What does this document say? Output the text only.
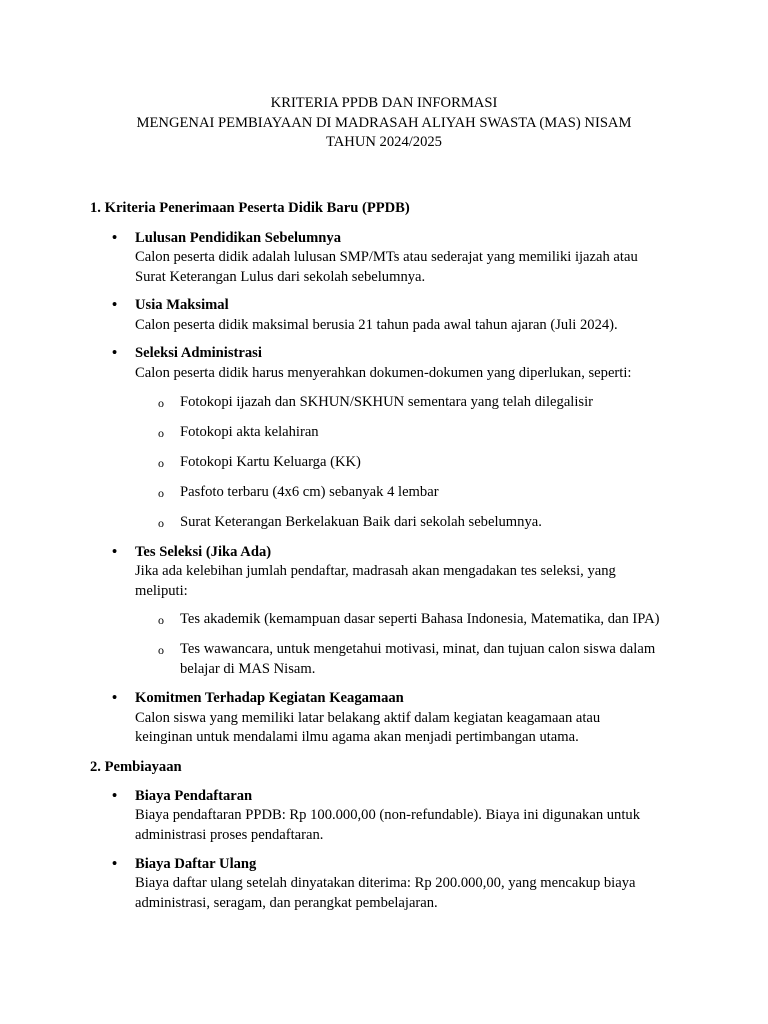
KRITERIA PPDB DAN INFORMASI
MENGENAI PEMBIAYAAN DI MADRASAH ALIYAH SWASTA (MAS) NISAM
TAHUN 2024/2025
1. Kriteria Penerimaan Peserta Didik Baru (PPDB)
• Lulusan Pendidikan Sebelumnya
Calon peserta didik adalah lulusan SMP/MTs atau sederajat yang memiliki ijazah atau
Surat Keterangan Lulus dari sekolah sebelumnya.
• Usia Maksimal
Calon peserta didik maksimal berusia 21 tahun pada awal tahun ajaran (Juli 2024).
• Seleksi Administrasi
Calon peserta didik harus menyerahkan dokumen-dokumen yang diperlukan, seperti:
o Fotokopi ijazah dan SKHUN/SKHUN sementara yang telah dilegalisir
o Fotokopi akta kelahiran
o Fotokopi Kartu Keluarga (KK)
o Pasfoto terbaru (4x6 cm) sebanyak 4 lembar
o Surat Keterangan Berkelakuan Baik dari sekolah sebelumnya.
• Tes Seleksi (Jika Ada)
Jika ada kelebihan jumlah pendaftar, madrasah akan mengadakan tes seleksi, yang
meliputi:
o Tes akademik (kemampuan dasar seperti Bahasa Indonesia, Matematika, dan IPA)
o Tes wawancara, untuk mengetahui motivasi, minat, dan tujuan calon siswa dalam
belajar di MAS Nisam.
• Komitmen Terhadap Kegiatan Keagamaan
Calon siswa yang memiliki latar belakang aktif dalam kegiatan keagamaan atau
keinginan untuk mendalami ilmu agama akan menjadi pertimbangan utama.
2. Pembiayaan
• Biaya Pendaftaran
Biaya pendaftaran PPDB: Rp 100.000,00 (non-refundable). Biaya ini digunakan untuk
administrasi proses pendaftaran.
• Biaya Daftar Ulang
Biaya daftar ulang setelah dinyatakan diterima: Rp 200.000,00, yang mencakup biaya
administrasi, seragam, dan perangkat pembelajaran.
